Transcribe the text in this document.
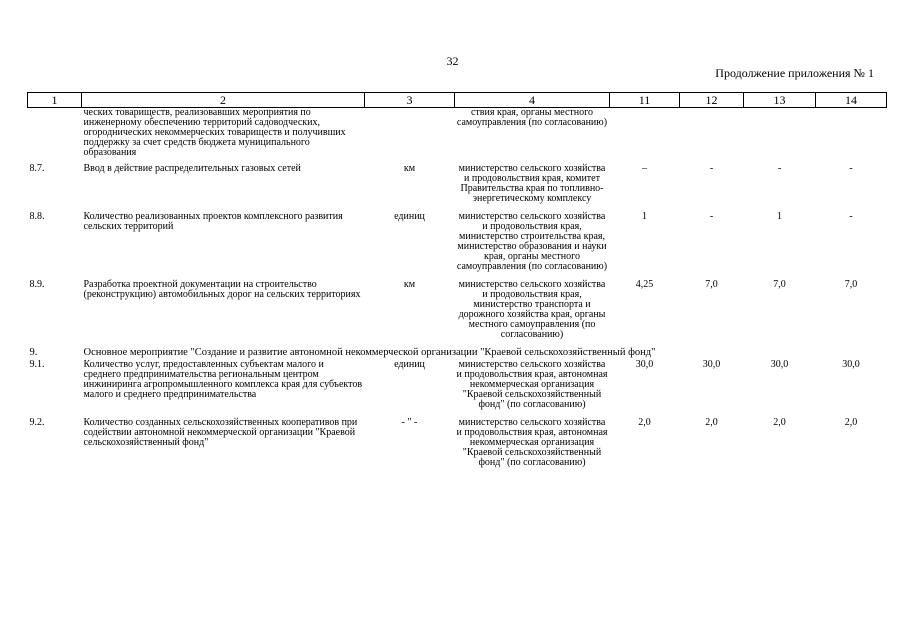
32
Продолжение приложения № 1
1	2	3	4	11	12	13	14
	ческих товариществ, реализовавших мероприятия по инженерному обеспечению территорий садоводческих, огороднических некоммерческих товариществ и получивших поддержку за счет средств бюджета муниципального образования		ствия края, органы местного самоуправления (по согласованию)				
8.7.	Ввод в действие распределительных газовых сетей	км	министерство сельского хозяйства и продовольствия края, комитет Правительства края по топливно-энергетическому комплексу	–	-	-	-
8.8.	Количество реализованных проектов комплексного развития сельских территорий	единиц	министерство сельского хозяйства и продовольствия края, министерство строительства края, министерство образования и науки края, органы местного самоуправления (по согласованию)	1	-	1	-
8.9.	Разработка проектной документации на строительство (реконструкцию) автомобильных дорог на сельских территориях	км	министерство сельского хозяйства и продовольствия края, министерство транспорта и дорожного хозяйства края, органы местного самоуправления (по согласованию)	4,25	7,0	7,0	7,0
9.	Основное мероприятие "Создание и развитие автономной некоммерческой организации "Краевой сельскохозяйственный фонд"						
9.1.	Количество услуг, предоставленных субъектам малого и среднего предпринимательства региональным центром инжиниринга агропромышленного комплекса края для субъектов малого и среднего предпринимательства	единиц	министерство сельского хозяйства и продовольствия края, автономная некоммерческая организация "Краевой сельскохозяйственный фонд" (по согласованию)	30,0	30,0	30,0	30,0
9.2.	Количество созданных сельскохозяйственных кооперативов при содействии автономной некоммерческой организации "Краевой сельскохозяйственный фонд"	- " -	министерство сельского хозяйства и продовольствия края, автономная некоммерческая организация "Краевой сельскохозяйственный фонд" (по согласованию)	2,0	2,0	2,0	2,0
